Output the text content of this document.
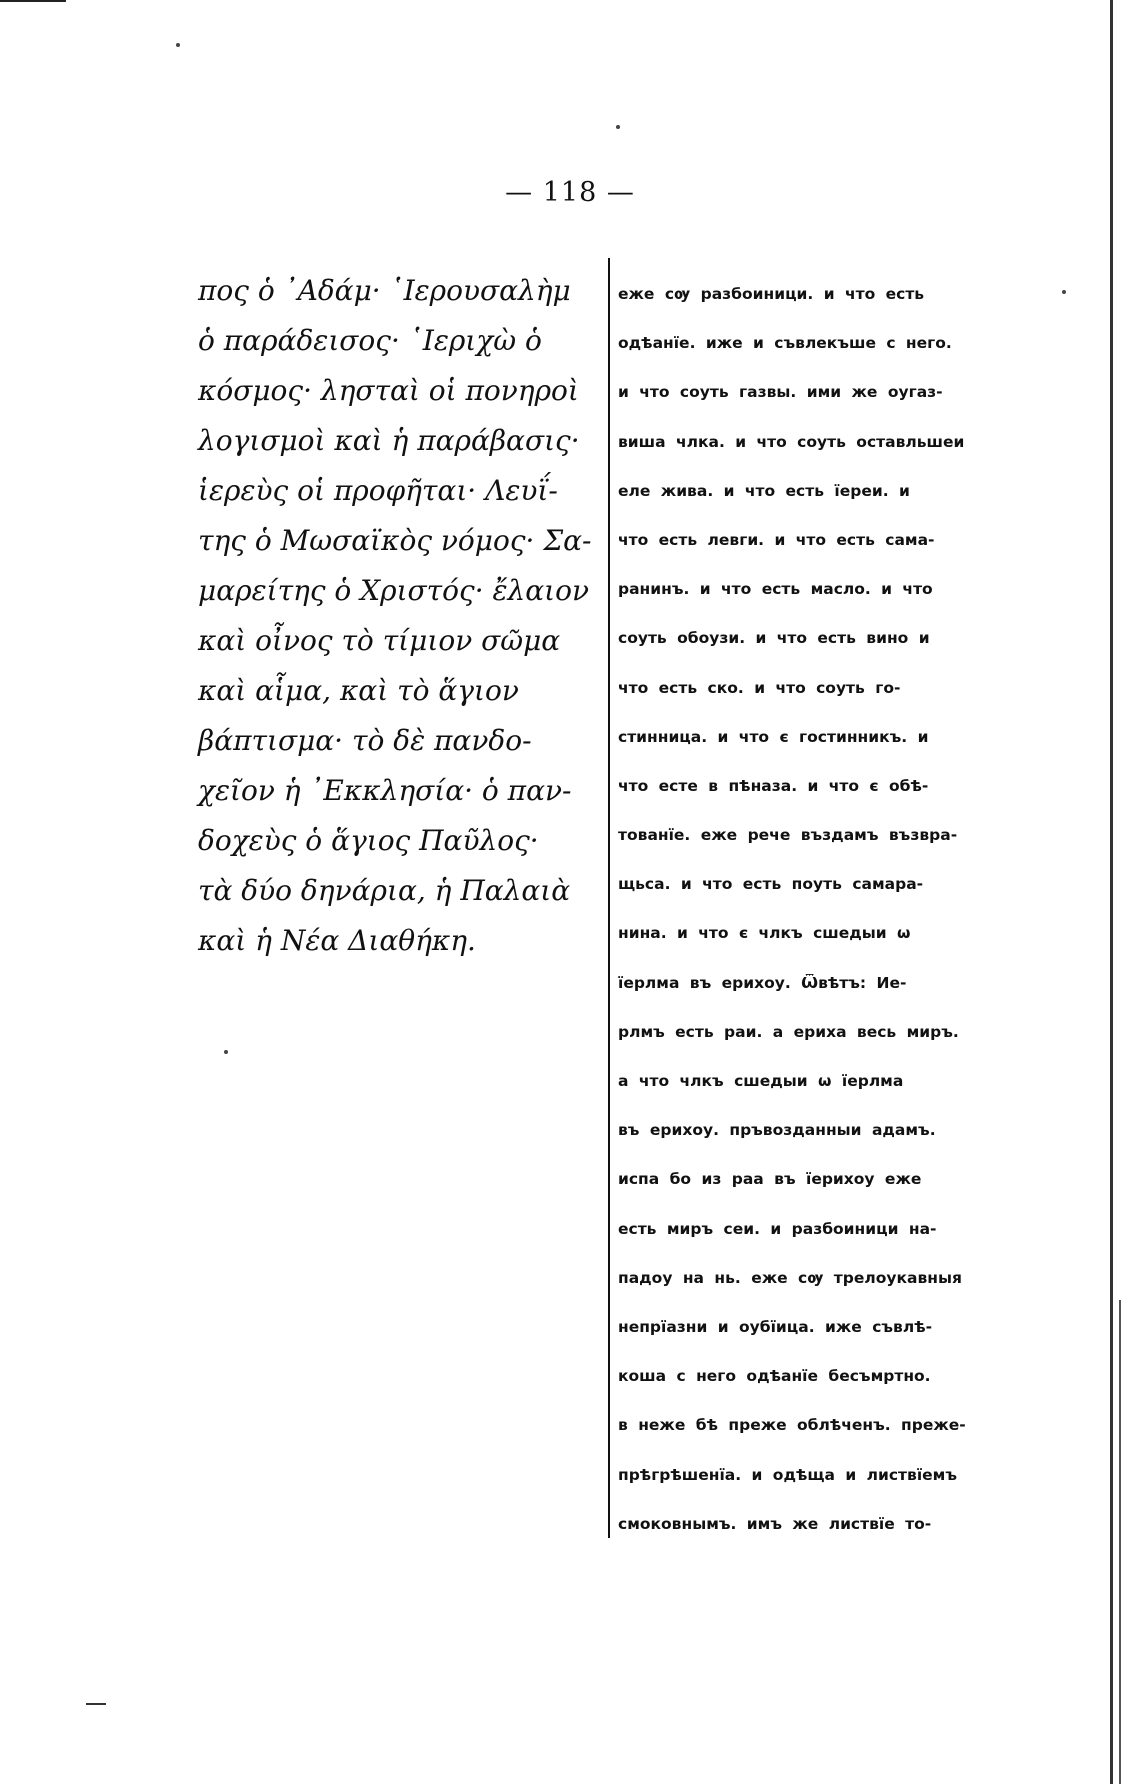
— 118 —
πος ὁ ᾿Αδάμ· ῾Ιερουσαλὴμ
ὁ παράδεισος· ῾Ιεριχὼ ὁ
κόσμος· λησταὶ οἱ πονηροὶ
λογισμοὶ καὶ ἡ παράβασις·
ἱερεὺς οἱ προφῆται· Λευΐ-
της ὁ Μωσαϊκὸς νόμος· Σα-
μαρείτης ὁ Χριστός· ἔλαιον
καὶ οἶνος τὸ τίμιον σῶμα
καὶ αἷμα, καὶ τὸ ἅγιον
βάπτισμα· τὸ δὲ πανδο-
χεῖον ἡ ᾿Εκκλησία· ὁ παν-
δοχεὺς ὁ ἅγιος Παῦλος·
τὰ δύο δηνάρια, ἡ Παλαιὰ
καὶ ἡ Νέα Διαθήκη.
еже сѹ разбоиници. и что есть
одѣанїе. иже и съвлекъше с него.
и что соуть газвы. ими же оугаз-
виша члка. и что соуть оставльшеи
еле жива. и что есть їереи. и
что есть левги. и что есть сама-
ранинъ. и что есть масло. и что
соуть обоузи. и что есть вино и
что есть ско. и что соуть го-
стинница. и что є гостинникъ. и
что есте в пѣназа. и что є обѣ-
тованїе. еже рече въздамъ възвра-
щьса. и что есть поуть самара-
нина. и что є члкъ сшедыи ѡ
їерлма въ ерихоу. Ѿвѣтъ: Ие-
рлмъ есть раи. а ериха весь миръ.
а что члкъ сшедыи ѡ їерлма
въ ерихоу. пръвозданныи адамъ.
испа бо из раа въ їерихоу еже
есть миръ сеи. и разбоиници на-
падоу на нь. еже сѹ трелоукавныя
непрїазни и оубїица. иже съвлѣ-
коша с него одѣанїе бесъмртно.
в неже бѣ преже облѣченъ. преже-
прѣгрѣшенїа. и одѣща и листвїемъ
смоковнымъ. имъ же листвїе то-
